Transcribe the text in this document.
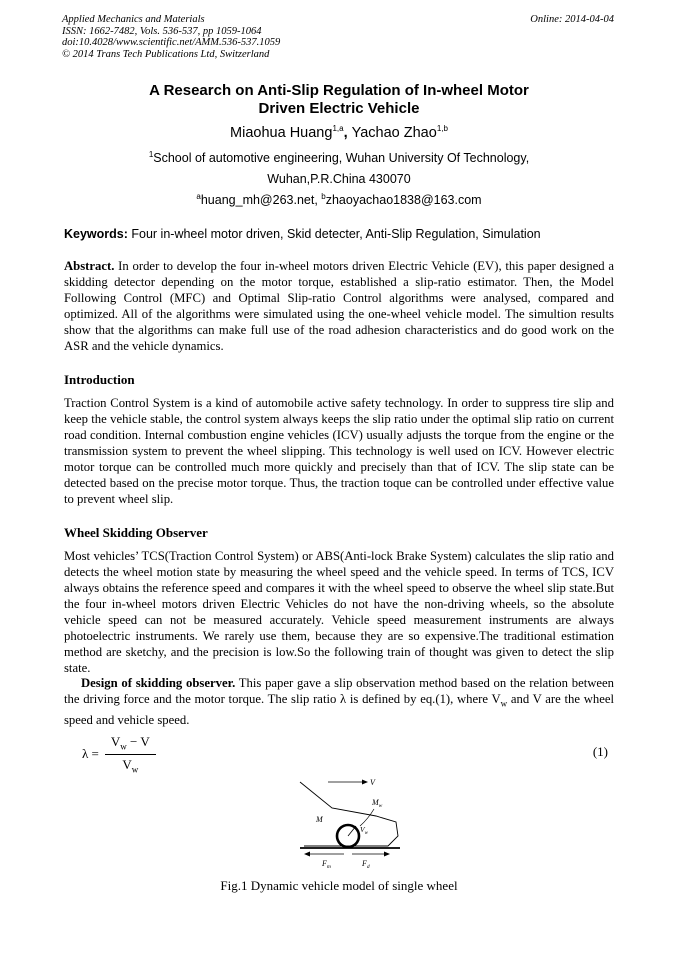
Applied Mechanics and Materials
ISSN: 1662-7482, Vols. 536-537, pp 1059-1064
doi:10.4028/www.scientific.net/AMM.536-537.1059
© 2014 Trans Tech Publications Ltd, Switzerland
Online: 2014-04-04
A Research on Anti-Slip Regulation of In-wheel Motor
Driven Electric Vehicle
Miaohua Huang$^{1,a}$, Yachao Zhao$^{1,b}$
$^1$School of automotive engineering, Wuhan University Of Technology,
Wuhan,P.R.China 430070
$^a$huang_mh@263.net, $^b$zhaoyachao1838@163.com
Keywords: Four in-wheel motor driven, Skid detecter, Anti-Slip Regulation, Simulation
Abstract. In order to develop the four in-wheel motors driven Electric Vehicle (EV), this paper designed a skidding detector depending on the motor torque, established a slip-ratio estimator. Then, the Model Following Control (MFC) and Optimal Slip-ratio Control algorithms were analysed, compared and optimized. All of the algorithms were simulated using the one-wheel vehicle model. The simultion results show that the algorithms can make full use of the road adhesion characteristics and do good work on the ASR and the vehicle dynamics.
Introduction
Traction Control System is a kind of automobile active safety technology. In order to suppress tire slip and keep the vehicle stable, the control system always keeps the slip ratio under the optimal slip ratio on current road condition. Internal combustion engine vehicles (ICV) usually adjusts the torque from the engine or the transmission system to prevent the wheel slipping. This technology is well used on ICV. However electric motor torque can be controlled much more quickly and precisely than that of ICV. The slip state can be detected based on the precise motor torque. Thus, the traction toque can be controlled under effective value to prevent wheel slip.
Wheel Skidding Observer
Most vehicles’ TCS(Traction Control System) or ABS(Anti-lock Brake System) calculates the slip ratio and detects the wheel motion state by measuring the wheel speed and the vehicle speed. In terms of TCS, ICV always obtains the reference speed and compares it with the wheel speed to observe the wheel slip state.But the four in-wheel motors driven Electric Vehicles do not have the non-driving wheels, so the absolute vehicle speed can not be measured accurately. Vehicle speed measurement instruments are always photoelectric instruments. We rarely use them, because they are so expensive.The traditional estimation method are sketchy, and the precision is low.So the following train of thought was given to detect the slip state.
Design of skidding observer. This paper gave a slip observation method based on the relation between the driving force and the motor torque. The slip ratio λ is defined by eq.(1), where $V_w$ and V are the wheel speed and vehicle speed.
$\lambda = \frac{V_w - V}{V_w}$	(1)
V
$M_w$
M
$V_w$
$F_m$	$F_d$
Fig.1 Dynamic vehicle model of single wheel
